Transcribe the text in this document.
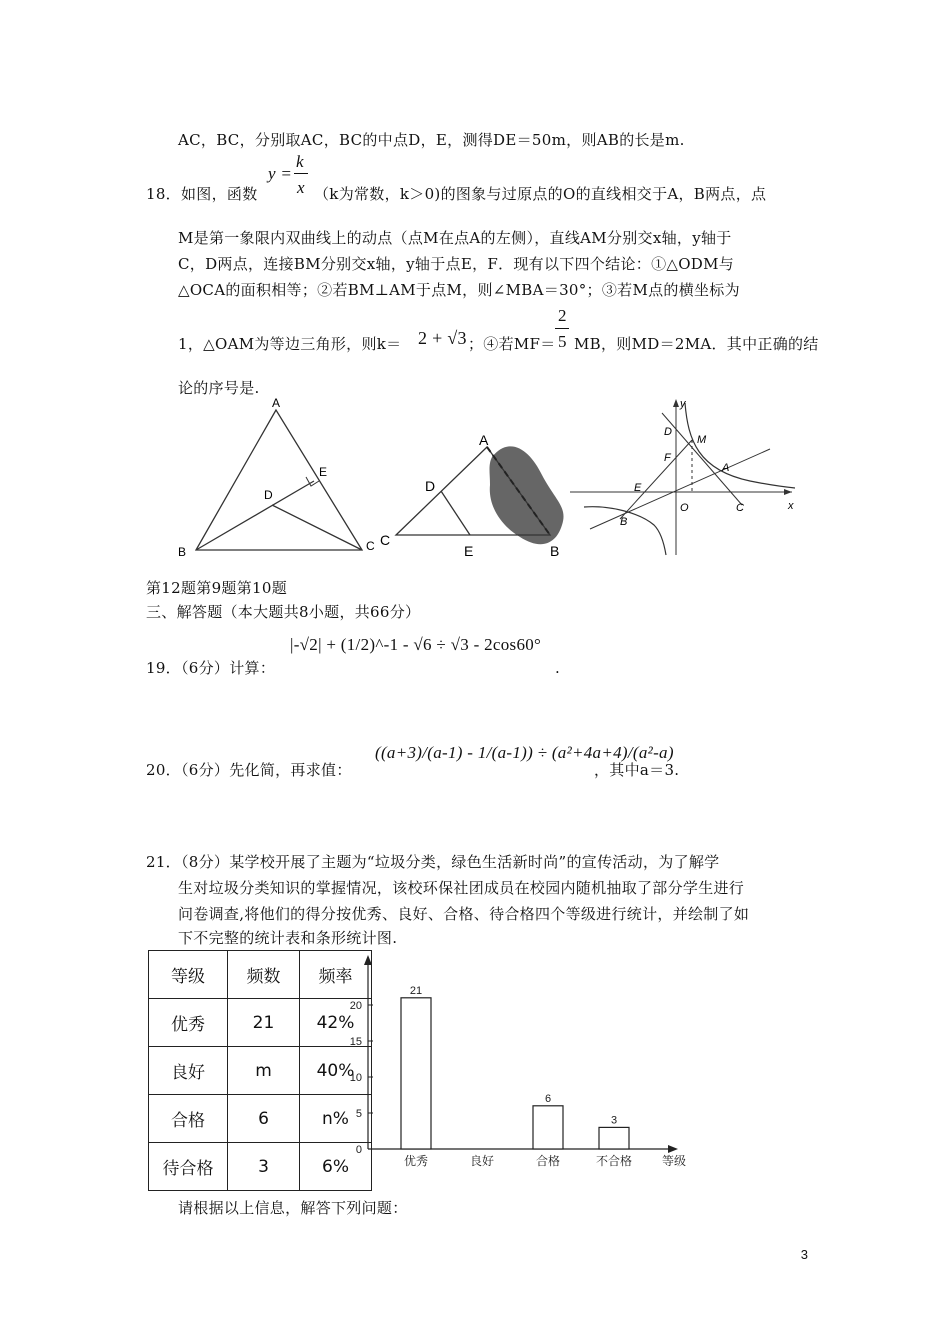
AC，BC，分别取AC，BC的中点D，E，测得DE＝50m，则AB的长是m.
18．如图，函数
y =
k
x （k为常数，k＞0)的图象与过原点的O的直线相交于A，B两点，点
M是第一象限内双曲线上的动点（点M在点A的左侧），直线AM分别交x轴，y轴于
C，D两点，连接BM分别交x轴，y轴于点E，F．现有以下四个结论：①△ODM与
△OCA的面积相等；②若BM⊥AM于点M，则∠MBA＝30°；③若M点的横坐标为
1，△OAM为等边三角形，则k＝ 2 + √3 ；④若MF＝
2
5 MB，则MD＝2MA．其中正确的结
论的序号是.
A
E
D
B	C
A
D
C
E	B
y
D
M
F
A
E
O	C	x
B
第12题第9题第10题
三、解答题（本大题共8小题，共66分）
19．（6分）计算：
|-√2| + (1/2)^-1 - √6 ÷ √3 - 2cos60°
.
20．（6分）先化简，再求值：
((a+3)/(a-1) - 1/(a-1)) ÷ (a²+4a+4)/(a²-a)
，其中a＝3.
21．（8分）某学校开展了主题为“垃圾分类，绿色生活新时尚”的宣传活动，为了解学
生对垃圾分类知识的掌握情况，该校环保社团成员在校园内随机抽取了部分学生进行
问卷调查,将他们的得分按优秀、良好、合格、待合格四个等级进行统计，并绘制了如
下不完整的统计表和条形统计图.
等级	频数	频率
优秀	21	42%
良好	m	40%
合格	6	n%
待合格	3	6%
0
5
10
15
20
21
优秀	良好
6
合格
3
不合格 等级
请根据以上信息，解答下列问题：
3
